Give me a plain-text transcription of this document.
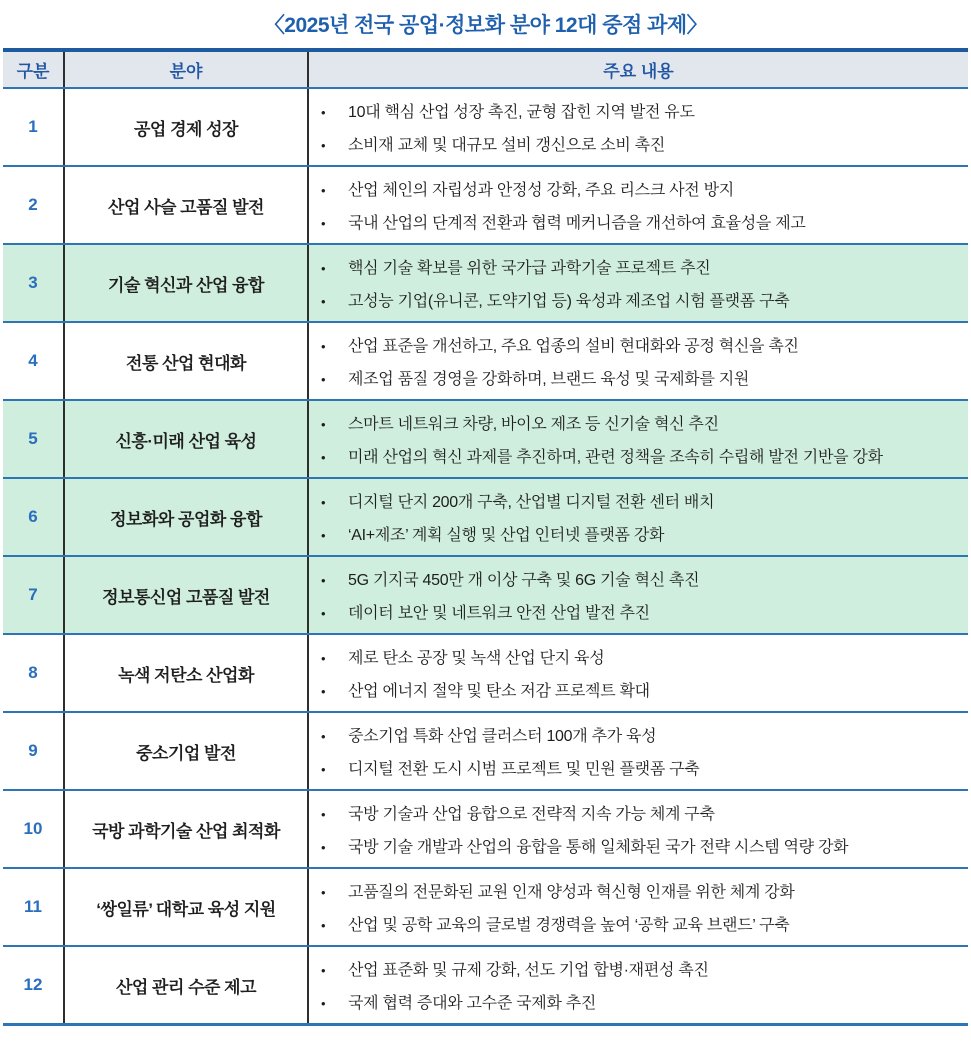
〈2025년 전국 공업·정보화 분야 12대 중점 과제〉
구분	분야	주요 내용
1	공업 경제 성장	• 10대 핵심 산업 성장 촉진, 균형 잡힌 지역 발전 유도
• 소비재 교체 및 대규모 설비 갱신으로 소비 촉진

2	산업 사슬 고품질 발전	• 산업 체인의 자립성과 안정성 강화, 주요 리스크 사전 방지
• 국내 산업의 단계적 전환과 협력 메커니즘을 개선하여 효율성을 제고

3	기술 혁신과 산업 융합	• 핵심 기술 확보를 위한 국가급 과학기술 프로젝트 추진
• 고성능 기업(유니콘, 도약기업 등) 육성과 제조업 시험 플랫폼 구축

4	전통 산업 현대화	• 산업 표준을 개선하고, 주요 업종의 설비 현대화와 공정 혁신을 촉진
• 제조업 품질 경영을 강화하며, 브랜드 육성 및 국제화를 지원

5	신흥·미래 산업 육성	• 스마트 네트워크 차량, 바이오 제조 등 신기술 혁신 추진
• 미래 산업의 혁신 과제를 추진하며, 관련 정책을 조속히 수립해 발전 기반을 강화

6	정보화와 공업화 융합	• 디지털 단지 200개 구축, 산업별 디지털 전환 센터 배치
• ‘AI+제조’ 계획 실행 및 산업 인터넷 플랫폼 강화

7	정보통신업 고품질 발전	• 5G 기지국 450만 개 이상 구축 및 6G 기술 혁신 촉진
• 데이터 보안 및 네트워크 안전 산업 발전 추진

8	녹색 저탄소 산업화	• 제로 탄소 공장 및 녹색 산업 단지 육성
• 산업 에너지 절약 및 탄소 저감 프로젝트 확대

9	중소기업 발전	• 중소기업 특화 산업 클러스터 100개 추가 육성
• 디지털 전환 도시 시범 프로젝트 및 민원 플랫폼 구축

10	국방 과학기술 산업 최적화	• 국방 기술과 산업 융합으로 전략적 지속 가능 체계 구축
• 국방 기술 개발과 산업의 융합을 통해 일체화된 국가 전략 시스템 역량 강화

11	‘쌍일류’ 대학교 육성 지원	• 고품질의 전문화된 교원 인재 양성과 혁신형 인재를 위한 체계 강화
• 산업 및 공학 교육의 글로벌 경쟁력을 높여 ‘공학 교육 브랜드’ 구축

12	산업 관리 수준 제고	• 산업 표준화 및 규제 강화, 선도 기업 합병·재편성 촉진
• 국제 협력 증대와 고수준 국제화 추진
